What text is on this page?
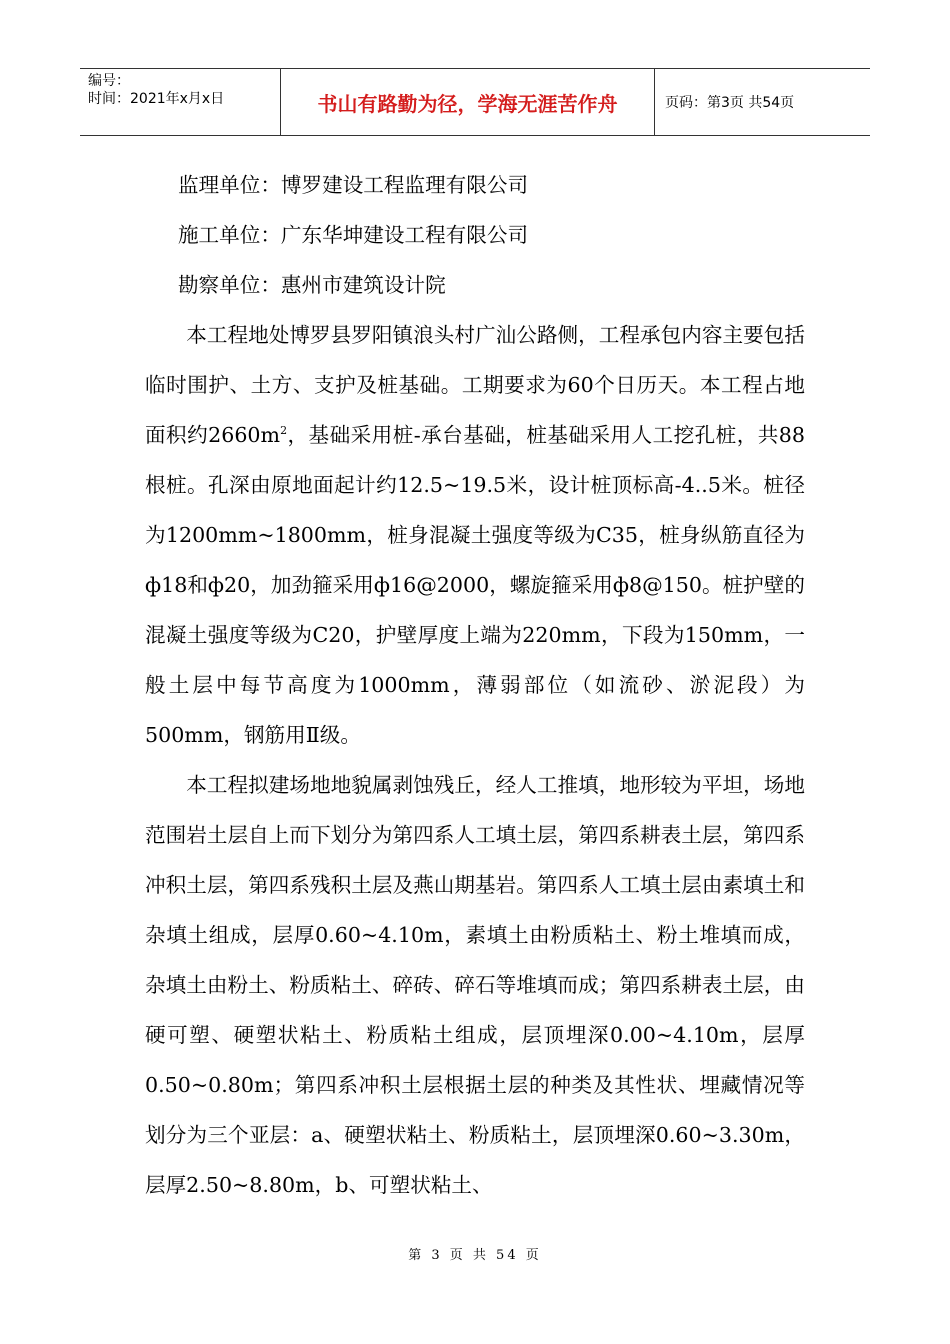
编号：
时间：2021年x月x日	书山有路勤为径，学海无涯苦作舟	页码：第3页 共54页

监理单位：博罗建设工程监理有限公司

施工单位：广东华坤建设工程有限公司

勘察单位：惠州市建筑设计院

本工程地处博罗县罗阳镇浪头村广汕公路侧，工程承包内容主要包括临时围护、土方、支护及桩基础。工期要求为60个日历天。本工程占地面积约$2660m^2$，基础采用桩-承台基础，桩基础采用人工挖孔桩，共88根桩。孔深由原地面起计约12.5~19.5米，设计桩顶标高-4..5米。桩径为1200mm~1800mm，桩身混凝土强度等级为C35，桩身纵筋直径为ф18和ф20，加劲箍采用ф16@2000，螺旋箍采用ф8@150。桩护壁的混凝土强度等级为C20，护壁厚度上端为220mm，下段为150mm，一般土层中每节高度为1000mm，薄弱部位（如流砂、淤泥段）为500mm，钢筋用Ⅱ级。

本工程拟建场地地貌属剥蚀残丘，经人工推填，地形较为平坦，场地范围岩土层自上而下划分为第四系人工填土层，第四系耕表土层，第四系冲积土层，第四系残积土层及燕山期基岩。第四系人工填土层由素填土和杂填土组成，层厚0.60~4.10m，素填土由粉质粘土、粉土堆填而成，杂填土由粉土、粉质粘土、碎砖、碎石等堆填而成；第四系耕表土层，由硬可塑、硬塑状粘土、粉质粘土组成，层顶埋深0.00~4.10m，层厚0.50~0.80m；第四系冲积土层根据土层的种类及其性状、埋藏情况等划分为三个亚层：a、硬塑状粘土、粉质粘土，层顶埋深0.60~3.30m，层厚2.50~8.80m，b、可塑状粘土、

第 3 页 共 54 页
